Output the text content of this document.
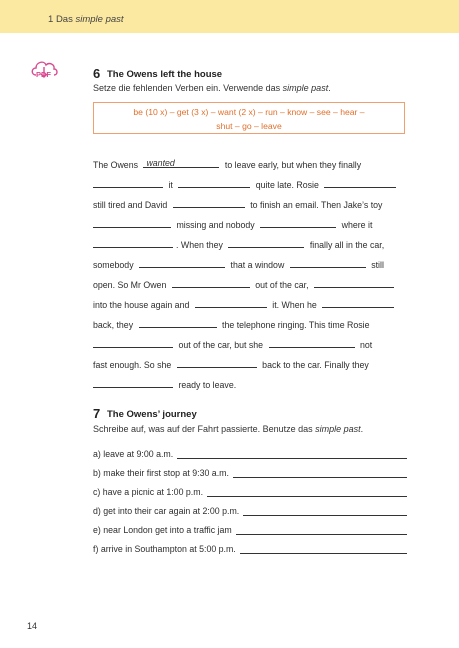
1 Das simple past
PDF	6 The Owens left the house
Setze die fehlenden Verben ein. Verwende das simple past.
be (10 x) – get (3 x) – want (2 x) – run – know – see – hear –
shut – go – leave
The Owens wanted	to leave early, but when they finally
it	quite late. Rosie
still tired and David	to finish an email. Then Jake’s toy
missing and nobody	where it
. When they	finally all in the car,
somebody	that a window	still
open. So Mr Owen	out of the car,
into the house again and	it. When he
back, they	the telephone ringing. This time Rosie
out of the car, but she	not
fast enough. So she	back to the car. Finally they
ready to leave.
7 The Owens’ journey
Schreibe auf, was auf der Fahrt passierte. Benutze das simple past.
a) leave at 9:00 a.m.
b) make their first stop at 9:30 a.m.
c) have a picnic at 1:00 p.m.
d) get into their car again at 2:00 p.m.
e) near London get into a traffic jam
f) arrive in Southampton at 5:00 p.m.
14
